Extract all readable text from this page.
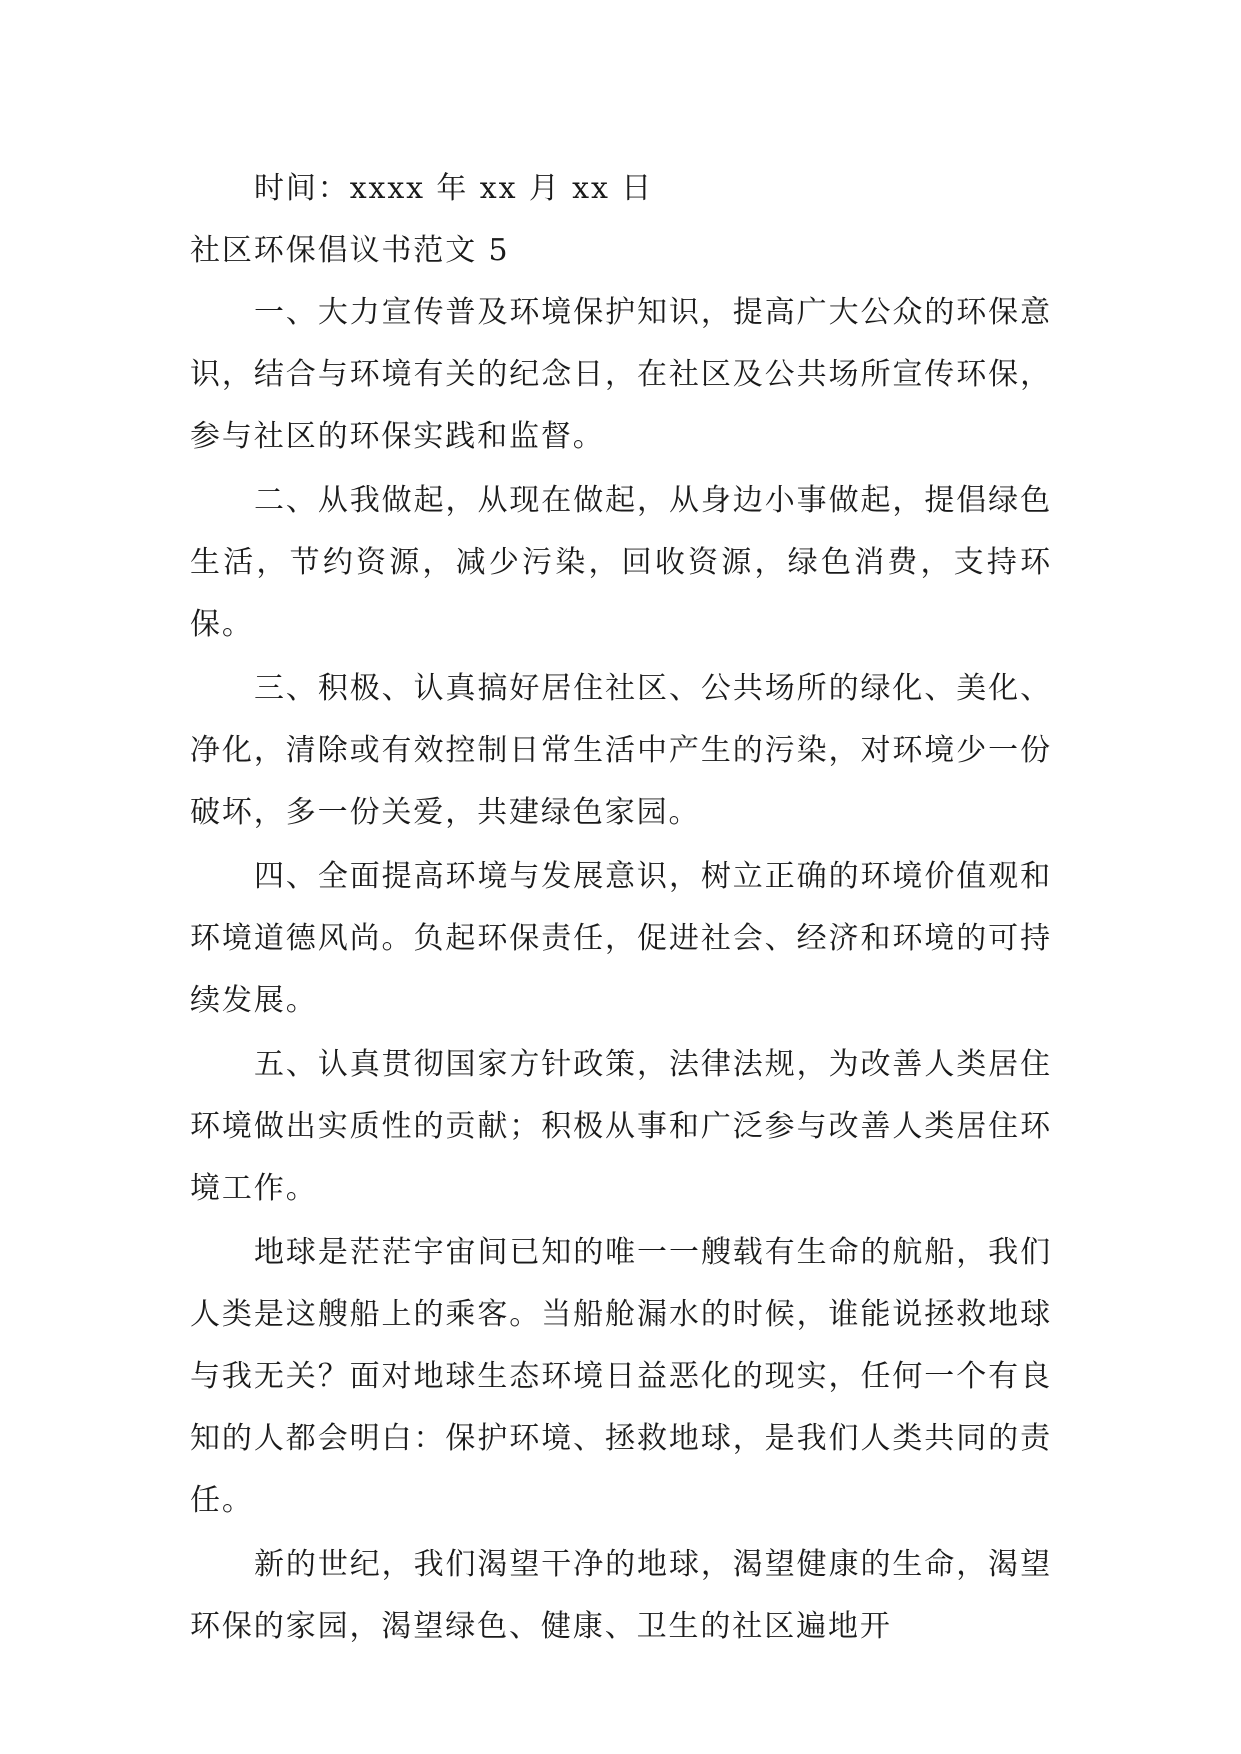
时间：xxxx 年 xx 月 xx 日

社区环保倡议书范文 5

一、大力宣传普及环境保护知识，提高广大公众的环保意识，结合与环境有关的纪念日，在社区及公共场所宣传环保，参与社区的环保实践和监督。

二、从我做起，从现在做起，从身边小事做起，提倡绿色生活，节约资源，减少污染，回收资源，绿色消费，支持环保。

三、积极、认真搞好居住社区、公共场所的绿化、美化、净化，清除或有效控制日常生活中产生的污染，对环境少一份破坏，多一份关爱，共建绿色家园。

四、全面提高环境与发展意识，树立正确的环境价值观和环境道德风尚。负起环保责任，促进社会、经济和环境的可持续发展。

五、认真贯彻国家方针政策，法律法规，为改善人类居住环境做出实质性的贡献；积极从事和广泛参与改善人类居住环境工作。

地球是茫茫宇宙间已知的唯一一艘载有生命的航船，我们人类是这艘船上的乘客。当船舱漏水的时候，谁能说拯救地球与我无关？面对地球生态环境日益恶化的现实，任何一个有良知的人都会明白：保护环境、拯救地球，是我们人类共同的责任。

新的世纪，我们渴望干净的地球，渴望健康的生命，渴望环保的家园，渴望绿色、健康、卫生的社区遍地开
